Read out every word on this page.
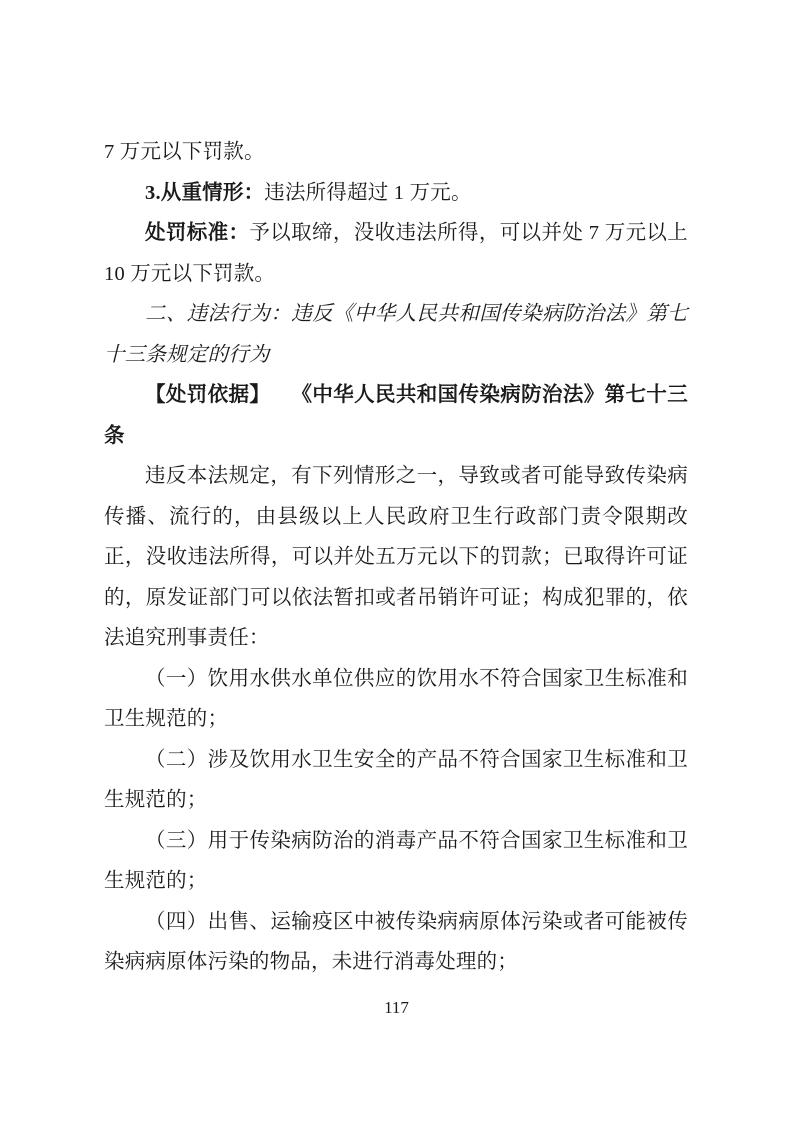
7 万元以下罚款。

3.从重情形：违法所得超过 1 万元。

处罚标准：予以取缔，没收违法所得，可以并处 7 万元以上 10 万元以下罚款。

二、违法行为：违反《中华人民共和国传染病防治法》第七十三条规定的行为

【处罚依据】　　《中华人民共和国传染病防治法》第七十三条

违反本法规定，有下列情形之一，导致或者可能导致传染病传播、流行的，由县级以上人民政府卫生行政部门责令限期改正，没收违法所得，可以并处五万元以下的罚款；已取得许可证的，原发证部门可以依法暂扣或者吊销许可证；构成犯罪的，依法追究刑事责任：

（一）饮用水供水单位供应的饮用水不符合国家卫生标准和卫生规范的；

（二）涉及饮用水卫生安全的产品不符合国家卫生标准和卫生规范的；

（三）用于传染病防治的消毒产品不符合国家卫生标准和卫生规范的；

（四）出售、运输疫区中被传染病病原体污染或者可能被传染病病原体污染的物品，未进行消毒处理的；

117
